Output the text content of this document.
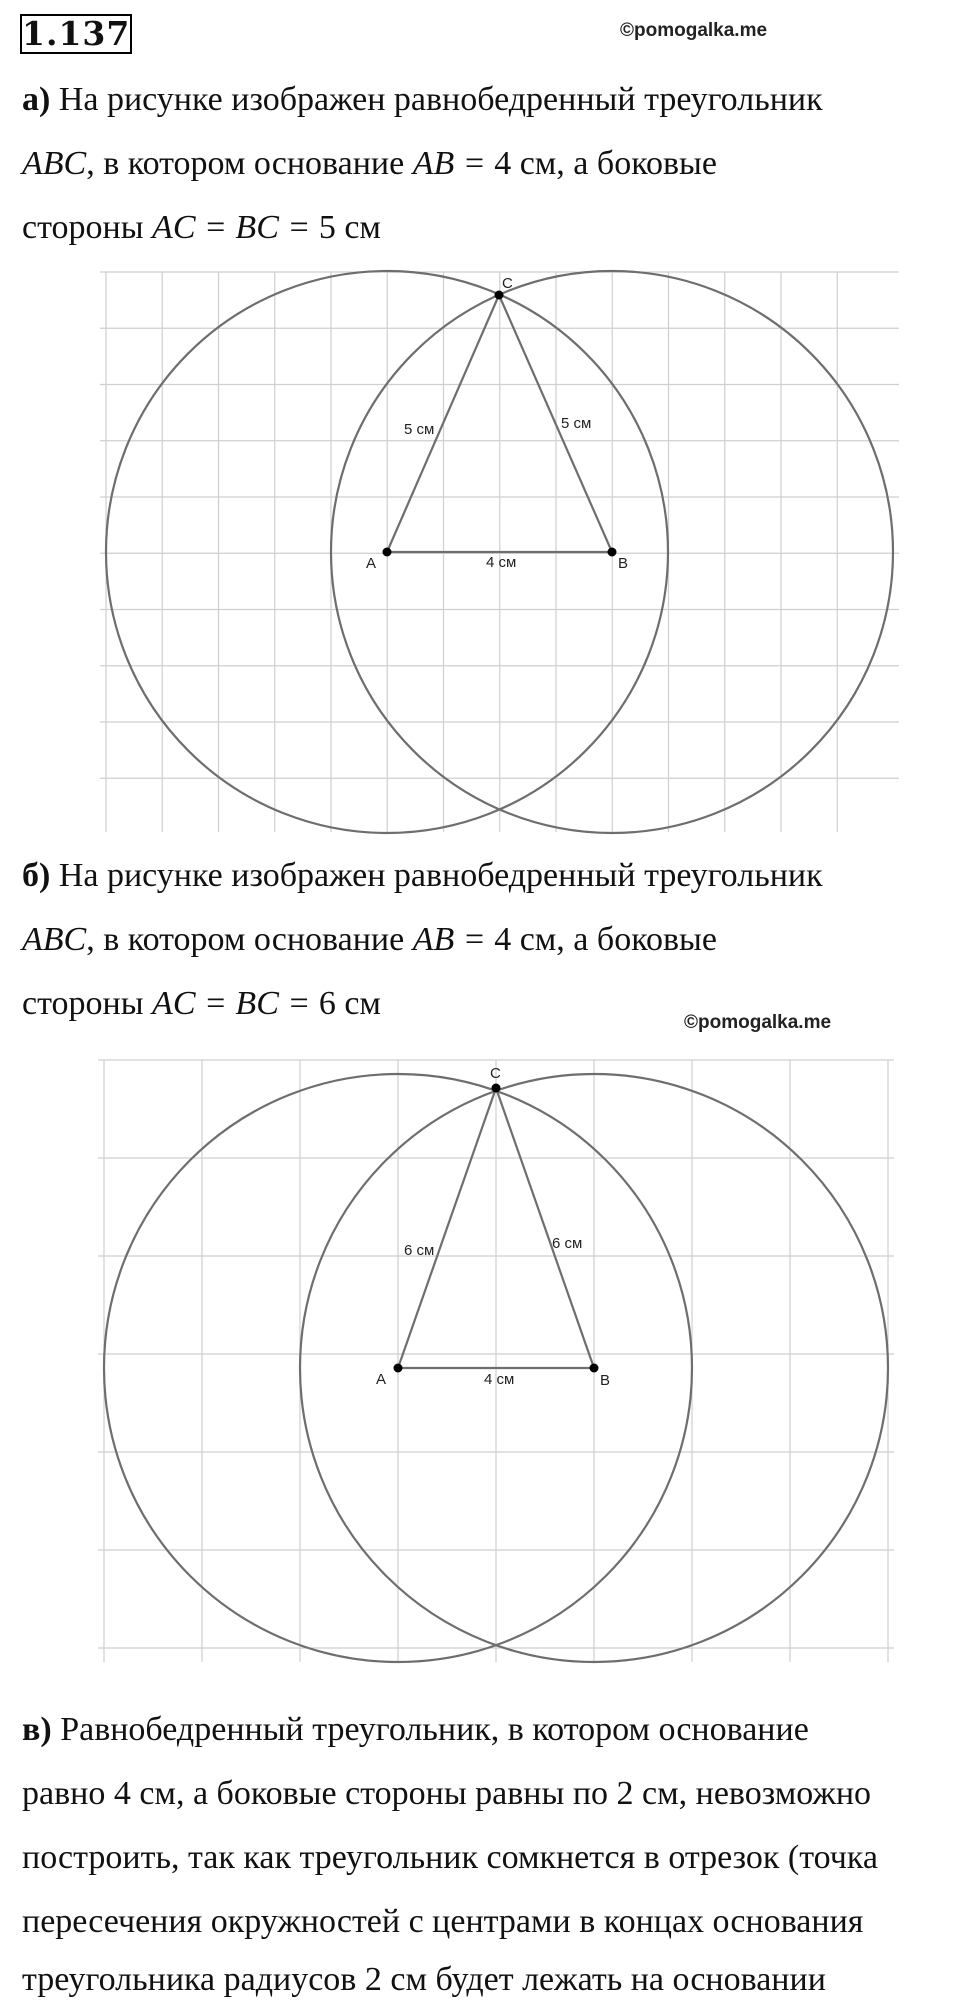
1.137	©pomogalka.me
а) На рисунке изображен равнобедренный треугольник
ABC, в котором основание AB = 4 см, а боковые
стороны AC = BC = 5 см
A	B
C
5 см	5 см
4 см
б) На рисунке изображен равнобедренный треугольник
ABC, в котором основание AB = 4 см, а боковые
стороны AC = BC = 6 см
©pomogalka.me
A	B
C
6 см	6 см
4 см
в) Равнобедренный треугольник, в котором основание
равно 4 см, а боковые стороны равны по 2 см, невозможно
построить, так как треугольник сомкнется в отрезок (точка
пересечения окружностей с центрами в концах основания
треугольника радиусов 2 см будет лежать на основании
